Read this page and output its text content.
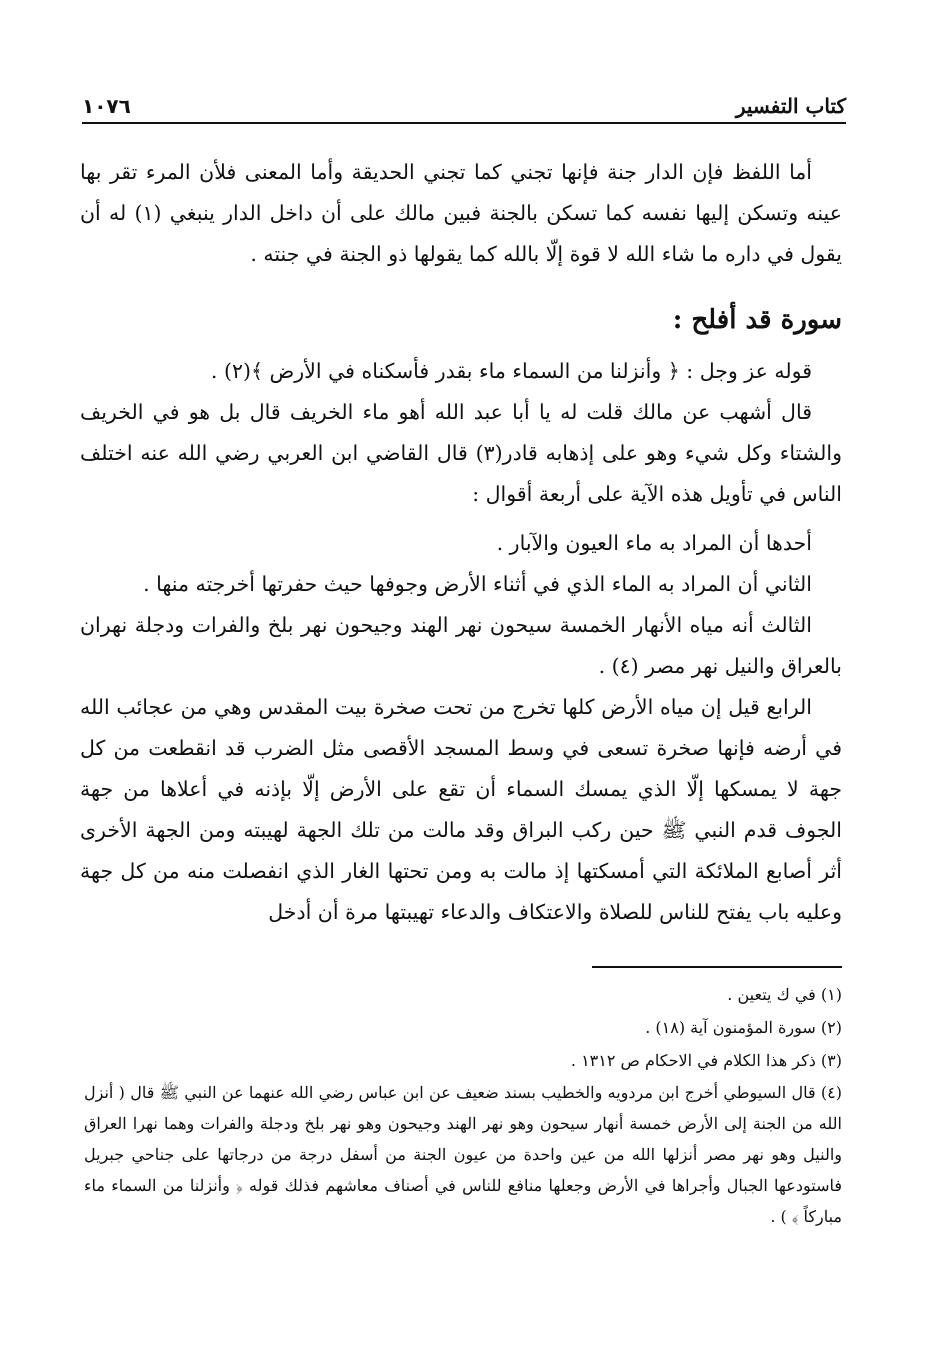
كتاب التفسير
١٠٧٦

أما اللفظ فإن الدار جنة فإنها تجني كما تجني الحديقة وأما المعنى فلأن المرء تقر بها عينه وتسكن إليها نفسه كما تسكن بالجنة فبين مالك على أن داخل الدار ينبغي (١) له أن يقول في داره ما شاء الله لا قوة إلّا بالله كما يقولها ذو الجنة في جنته .

سورة قد أفلح :

قوله عز وجل : ﴿ وأنزلنا من السماء ماء بقدر فأسكناه في الأرض ﴾(٢) .

قال أشهب عن مالك قلت له يا أبا عبد الله أهو ماء الخريف قال بل هو في الخريف والشتاء وكل شيء وهو على إذهابه قادر(٣) قال القاضي ابن العربي رضي الله عنه اختلف الناس في تأويل هذه الآية على أربعة أقوال :

أحدها أن المراد به ماء العيون والآبار .

الثاني أن المراد به الماء الذي في أثناء الأرض وجوفها حيث حفرتها أخرجته منها .

الثالث أنه مياه الأنهار الخمسة سيحون نهر الهند وجيحون نهر بلخ والفرات ودجلة نهران بالعراق والنيل نهر مصر (٤) .

الرابع قيل إن مياه الأرض كلها تخرج من تحت صخرة بيت المقدس وهي من عجائب الله في أرضه فإنها صخرة تسعى في وسط المسجد الأقصى مثل الضرب قد انقطعت من كل جهة لا يمسكها إلّا الذي يمسك السماء أن تقع على الأرض إلّا بإذنه في أعلاها من جهة الجوف قدم النبي ﷺ حين ركب البراق وقد مالت من تلك الجهة لهيبته ومن الجهة الأخرى أثر أصابع الملائكة التي أمسكتها إذ مالت به ومن تحتها الغار الذي انفصلت منه من كل جهة وعليه باب يفتح للناس للصلاة والاعتكاف والدعاء تهيبتها مرة أن أدخل

(١) في ك يتعين .

(٢) سورة المؤمنون آية (١٨) .

(٣) ذكر هذا الكلام في الاحكام ص ١٣١٢ .

(٤) قال السيوطي أخرج ابن مردويه والخطيب بسند ضعيف عن ابن عباس رضي الله عنهما عن النبي ﷺ قال ( أنزل الله من الجنة إلى الأرض خمسة أنهار سيحون وهو نهر الهند وجيحون وهو نهر بلخ ودجلة والفرات وهما نهرا العراق والنيل وهو نهر مصر أنزلها الله من عين واحدة من عيون الجنة من أسفل درجة من درجاتها على جناحي جبريل فاستودعها الجبال وأجراها في الأرض وجعلها منافع للناس في أصناف معاشهم فذلك قوله ﴿ وأنزلنا من السماء ماء مباركاً ﴾ ) .
